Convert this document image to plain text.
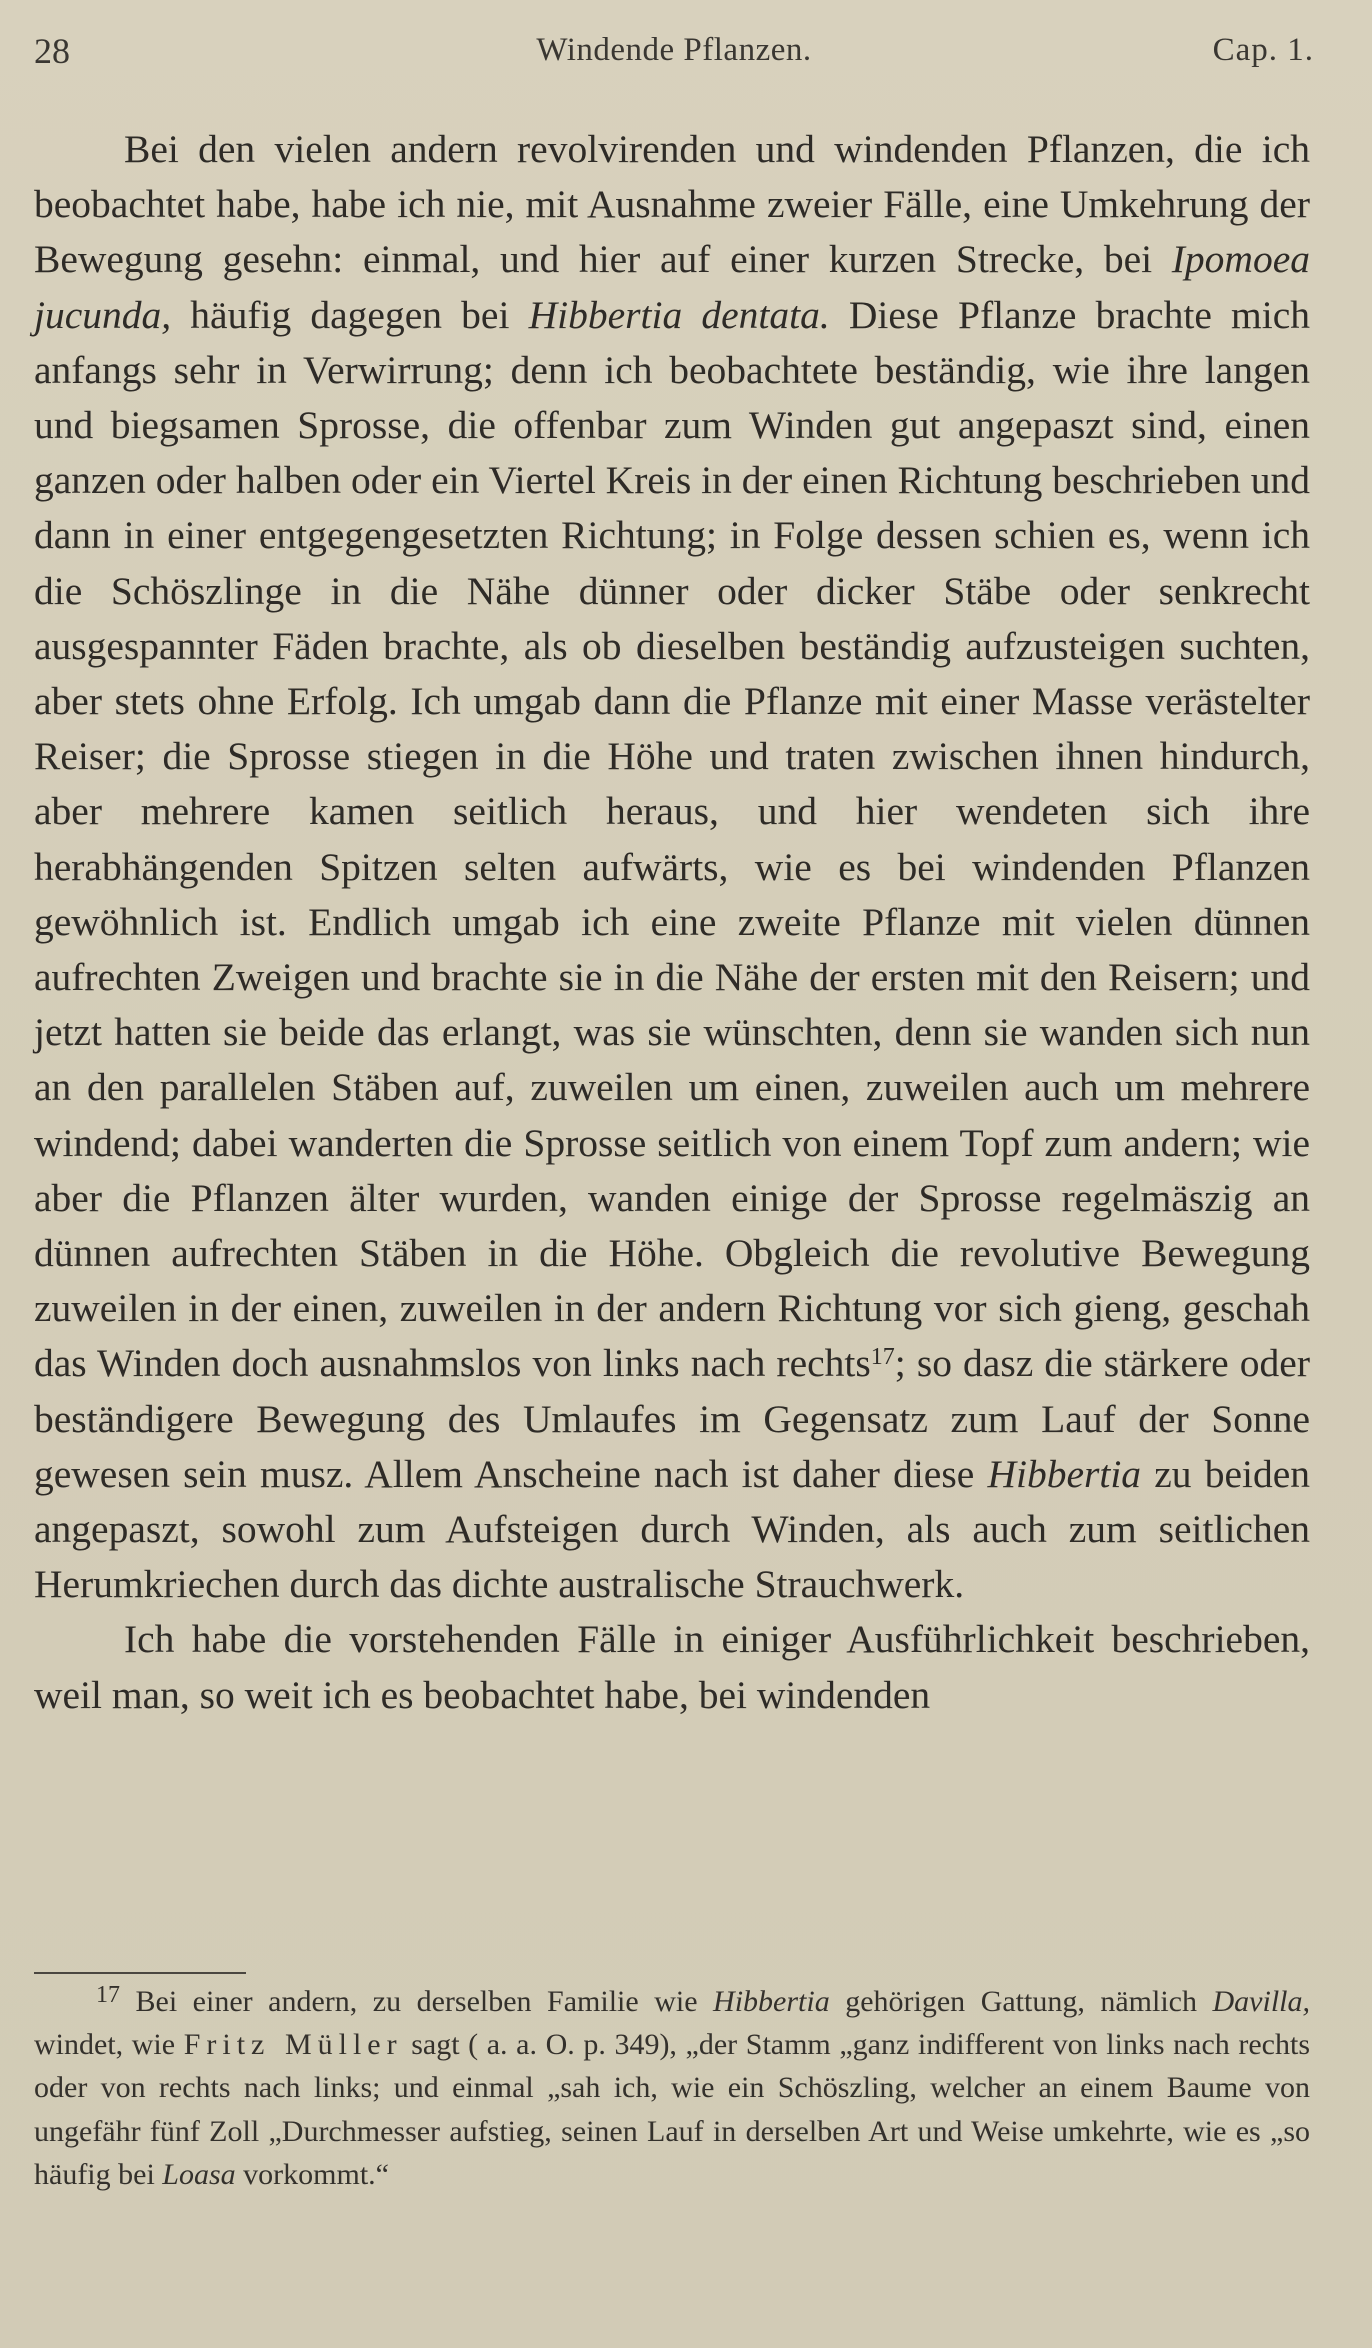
28	Windende Pflanzen.	Cap. 1.

Bei den vielen andern revolvirenden und windenden Pflanzen, die ich beobachtet habe, habe ich nie, mit Ausnahme zweier Fälle, eine Umkehrung der Bewegung gesehn: einmal, und hier auf einer kurzen Strecke, bei Ipomoea jucunda, häufig dagegen bei Hibbertia dentata. Diese Pflanze brachte mich anfangs sehr in Verwirrung; denn ich beobachtete beständig, wie ihre langen und biegsamen Sprosse, die offenbar zum Winden gut angepaszt sind, einen ganzen oder halben oder ein Viertel Kreis in der einen Richtung beschrieben und dann in einer entgegengesetzten Richtung; in Folge dessen schien es, wenn ich die Schöszlinge in die Nähe dünner oder dicker Stäbe oder senkrecht ausgespannter Fäden brachte, als ob dieselben beständig aufzusteigen suchten, aber stets ohne Erfolg. Ich umgab dann die Pflanze mit einer Masse verästelter Reiser; die Sprosse stiegen in die Höhe und traten zwischen ihnen hindurch, aber mehrere kamen seitlich heraus, und hier wendeten sich ihre herabhängenden Spitzen selten aufwärts, wie es bei windenden Pflanzen gewöhnlich ist. Endlich umgab ich eine zweite Pflanze mit vielen dünnen aufrechten Zweigen und brachte sie in die Nähe der ersten mit den Reisern; und jetzt hatten sie beide das erlangt, was sie wünschten, denn sie wanden sich nun an den parallelen Stäben auf, zuweilen um einen, zuweilen auch um mehrere windend; dabei wanderten die Sprosse seitlich von einem Topf zum andern; wie aber die Pflanzen älter wurden, wanden einige der Sprosse regelmäszig an dünnen aufrechten Stäben in die Höhe. Obgleich die revolutive Bewegung zuweilen in der einen, zuweilen in der andern Richtung vor sich gieng, geschah das Winden doch ausnahmslos von links nach rechts$^{17}$; so dasz die stärkere oder beständigere Bewegung des Umlaufes im Gegensatz zum Lauf der Sonne gewesen sein musz. Allem Anscheine nach ist daher diese Hibbertia zu beiden angepaszt, sowohl zum Aufsteigen durch Winden, als auch zum seitlichen Herumkriechen durch das dichte australische Strauchwerk.

Ich habe die vorstehenden Fälle in einiger Ausführlichkeit beschrieben, weil man, so weit ich es beobachtet habe, bei windenden

$^{17}$ Bei einer andern, zu derselben Familie wie Hibbertia gehörigen Gattung, nämlich Davilla, windet, wie Fritz Müller sagt ( a. a. O. p. 349), „der Stamm „ganz indifferent von links nach rechts oder von rechts nach links; und einmal „sah ich, wie ein Schöszling, welcher an einem Baume von ungefähr fünf Zoll „Durchmesser aufstieg, seinen Lauf in derselben Art und Weise umkehrte, wie es „so häufig bei Loasa vorkommt.“
